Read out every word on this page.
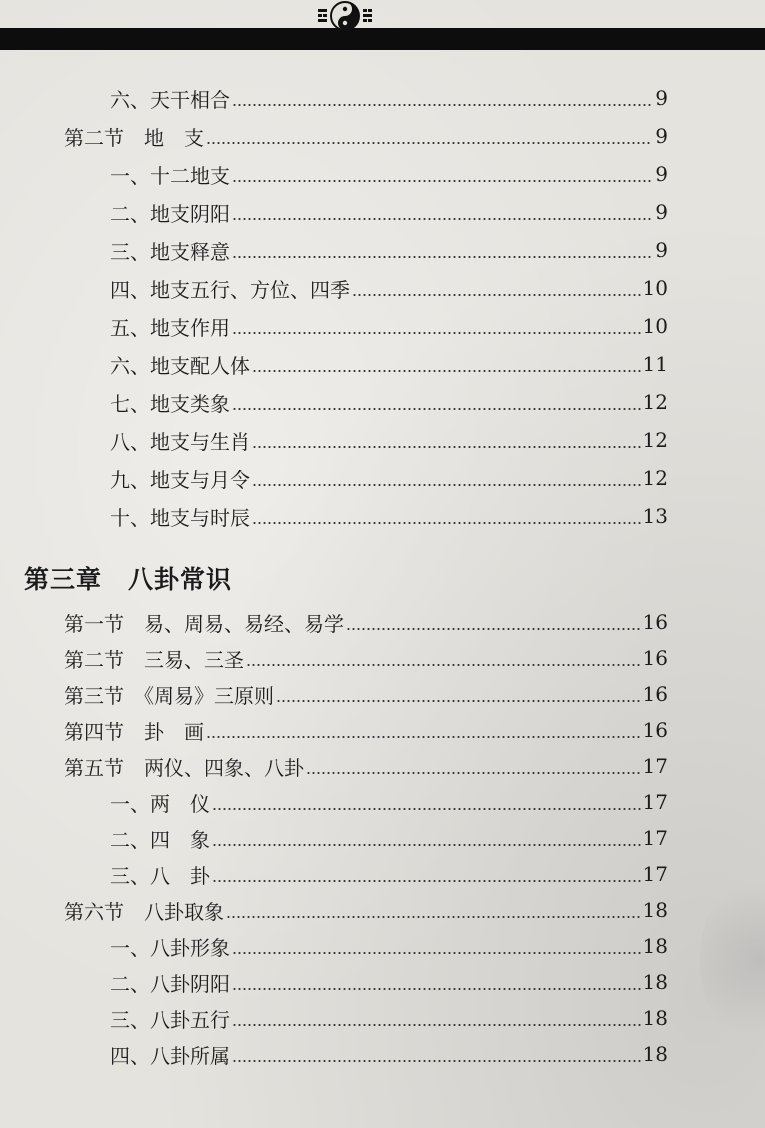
六、天干相合	9
第二节　地　支	9
一、十二地支	9
二、地支阴阳	9
三、地支释意	9
四、地支五行、方位、四季	10
五、地支作用	10
六、地支配人体	11
七、地支类象	12
八、地支与生肖	12
九、地支与月令	12
十、地支与时辰	13
第三章　八卦常识
第一节　易、周易、易经、易学	16
第二节　三易、三圣	16
第三节　《周易》三原则	16
第四节　卦　画	16
第五节　两仪、四象、八卦	17
一、两　仪	17
二、四　象	17
三、八　卦	17
第六节　八卦取象	18
一、八卦形象	18
二、八卦阴阳	18
三、八卦五行	18
四、八卦所属	18
